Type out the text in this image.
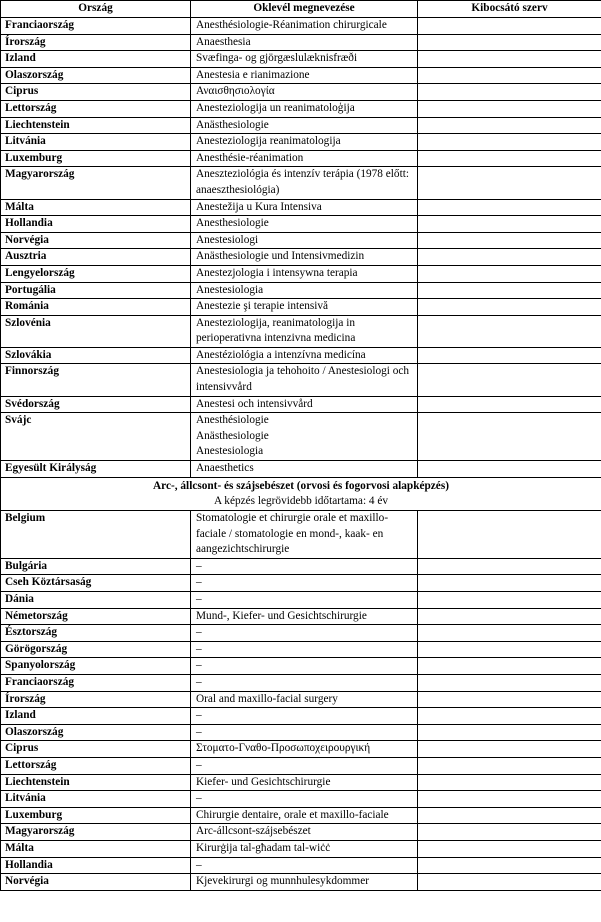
Ország	Oklevél megnevezése	Kibocsátó szerv
Franciaország	Anesthésiologie-Réanimation chirurgicale	
Írország	Anaesthesia	
Izland	Svæfinga- og gjörgæslulæknisfræði	
Olaszország	Anestesia e rianimazione	
Ciprus	Αναισθησιολογία	
Lettország	Anesteziologija un reanimatoloģija	
Liechtenstein	Anästhesiologie	
Litvánia	Anesteziologija reanimatologija	
Luxemburg	Anesthésie-réanimation	
Magyarország	Aneszteziológia és intenzív terápia (1978 előtt: anaeszthesiológia)	
Málta	Anestežija u Kura Intensiva	
Hollandia	Anesthesiologie	
Norvégia	Anestesiologi	
Ausztria	Anästhesiologie und Intensivmedizin	
Lengyelország	Anestezjologia i intensywna terapia	
Portugália	Anestesiologia	
Románia	Anestezie şi terapie intensivă	
Szlovénia	Anesteziologija, reanimatologija in perioperativna intenzivna medicina	
Szlovákia	Anestéziológia a intenzívna medicína	
Finnország	Anestesiologia ja tehohoito / Anestesiologi och intensivvård	
Svédország	Anestesi och intensivvård	
Svájc	Anesthésiologie
Anästhesiologie
Anestesiologia	
Egyesült Királyság	Anaesthetics	

Arc-, állcsont- és szájsebészet (orvosi és fogorvosi alapképzés)
A képzés legrövidebb időtartama: 4 év		

Belgium	Stomatologie et chirurgie orale et maxillo-faciale / stomatologie en mond-, kaak- en aangezichtschirurgie	
Bulgária	–	
Cseh Köztársaság	–	
Dánia	–	
Németország	Mund-, Kiefer- und Gesichtschirurgie	
Észtország	–	
Görögország	–	
Spanyolország	–	
Franciaország	–	
Írország	Oral and maxillo-facial surgery	
Izland	–	
Olaszország	–	
Ciprus	Στοματο-Γναθο-Προσωποχειρουργική	
Lettország	–	
Liechtenstein	Kiefer- und Gesichtschirurgie	
Litvánia	–	
Luxemburg	Chirurgie dentaire, orale et maxillo-faciale	
Magyarország	Arc-állcsont-szájsebészet	
Málta	Kirurġija tal-għadam tal-wiċċ	
Hollandia	–	
Norvégia	Kjevekirurgi og munnhulesykdommer	
